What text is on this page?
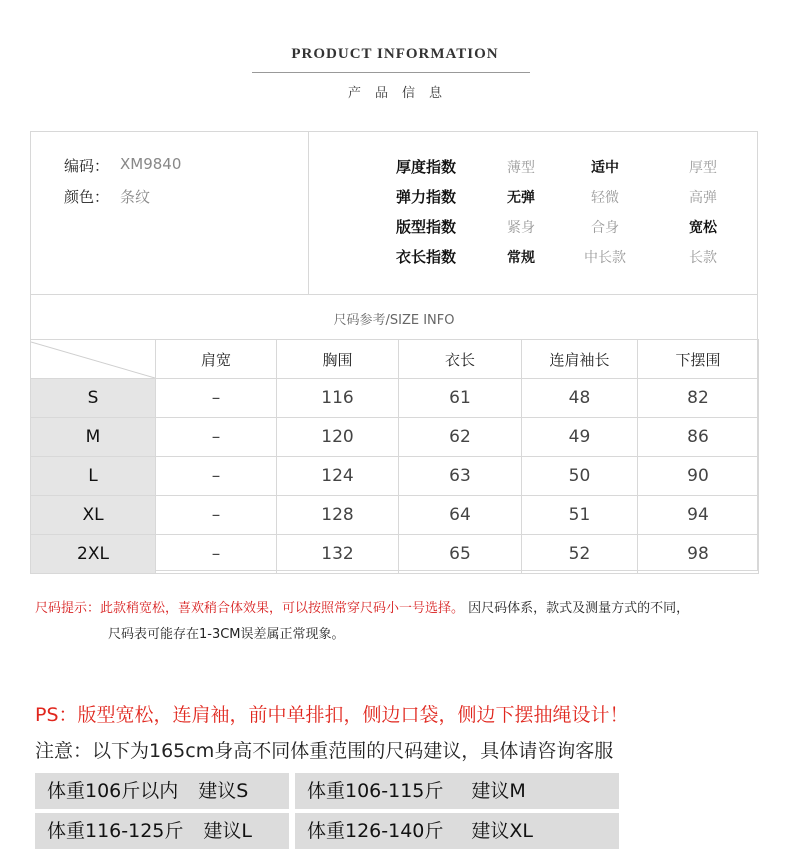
PRODUCT INFORMATION
产品信息
编码： XM9840
颜色： 条纹
厚度指数	薄型	适中	厚型
弹力指数	无弹	轻微	高弹
版型指数	紧身	合身	宽松
衣长指数	常规	中长款	长款
尺码参考/SIZE INFO
	肩宽	胸围	衣长	连肩袖长	下摆围
S	–	116	61	48	82
M	–	120	62	49	86
L	–	124	63	50	90
XL	–	128	64	51	94
2XL	–	132	65	52	98
尺码提示：此款稍宽松，喜欢稍合体效果，可以按照常穿尺码小一号选择。 因尺码体系，款式及测量方式的不同，
尺码表可能存在1-3CM误差属正常现象。
PS：版型宽松，连肩袖，前中单排扣，侧边口袋，侧边下摆抽绳设计！
注意：以下为165cm身高不同体重范围的尺码建议，具体请咨询客服
体重106斤以内 建议S	体重106-115斤 建议M
体重116-125斤 建议L	体重126-140斤 建议XL
